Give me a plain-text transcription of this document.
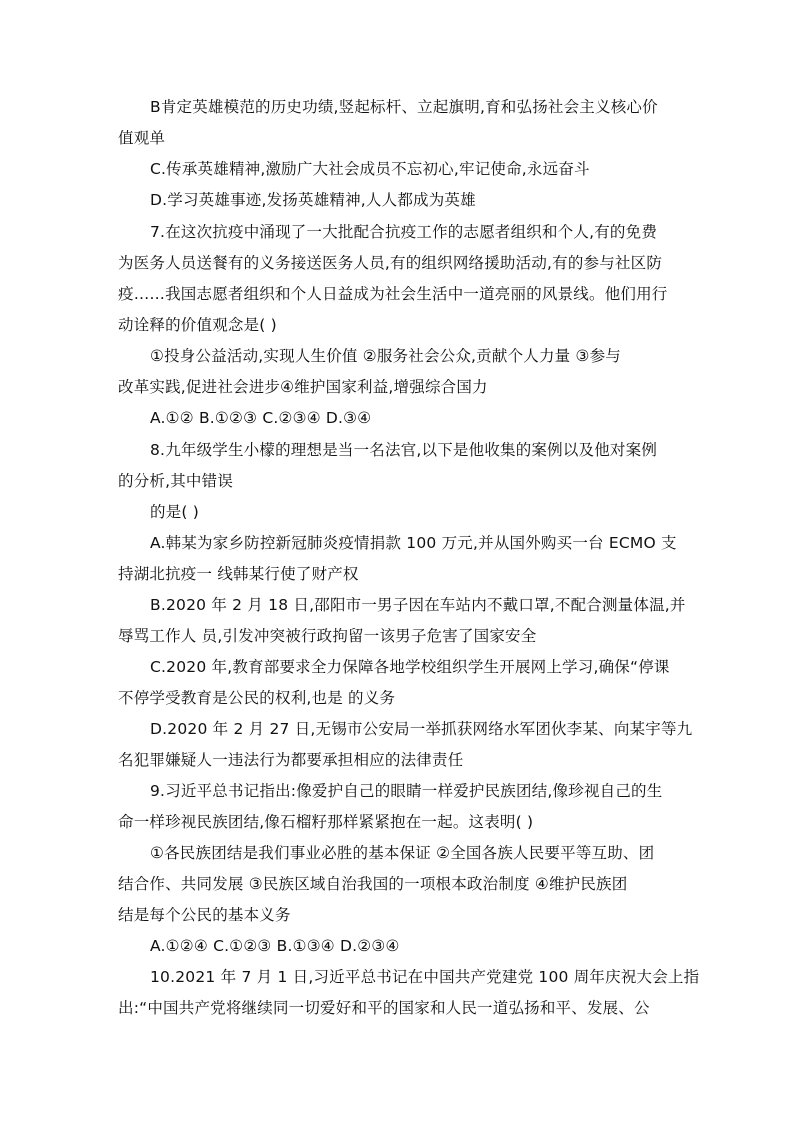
B肯定英雄模范的历史功绩,竖起标杆、立起旗明,育和弘扬社会主义核心价
值观单
C.传承英雄精神,激励广大社会成员不忘初心,牢记使命,永远奋斗
D.学习英雄事迹,发扬英雄精神,人人都成为英雄
7.在这次抗疫中涌现了一大批配合抗疫工作的志愿者组织和个人,有的免费
为医务人员送餐有的义务接送医务人员,有的组织网络援助活动,有的参与社区防
疫……我国志愿者组织和个人日益成为社会生活中一道亮丽的风景线。他们用行
动诠释的价值观念是( )
①投身公益活动,实现人生价值 ②服务社会公众,贡献个人力量 ③参与
改革实践,促进社会进步④维护国家利益,增强综合国力
A.①② B.①②③ C.②③④ D.③④
8.九年级学生小檬的理想是当一名法官,以下是他收集的案例以及他对案例
的分析,其中错误
的是( )
A.韩某为家乡防控新冠肺炎疫情捐款 100 万元,并从国外购买一台 ECMO 支
持湖北抗疫一 线韩某行使了财产权
B.2020 年 2 月 18 日,邵阳市一男子因在车站内不戴口罩,不配合测量体温,并
辱骂工作人 员,引发冲突被行政拘留一该男子危害了国家安全
C.2020 年,教育部要求全力保障各地学校组织学生开展网上学习,确保“停课
不停学受教育是公民的权利,也是 的义务
D.2020 年 2 月 27 日,无锡市公安局一举抓获网络水军团伙李某、向某宇等九
名犯罪嫌疑人一违法行为都要承担相应的法律责任
9.习近平总书记指出:像爱护自己的眼睛一样爱护民族团结,像珍视自己的生
命一样珍视民族团结,像石榴籽那样紧紧抱在一起。这表明( )
①各民族团结是我们事业必胜的基本保证 ②全国各族人民要平等互助、团
结合作、共同发展 ③民族区域自治我国的一项根本政治制度 ④维护民族团
结是每个公民的基本义务
A.①②④ C.①②③ B.①③④ D.②③④
10.2021 年 7 月 1 日,习近平总书记在中国共产党建党 100 周年庆祝大会上指
出:“中国共产党将继续同一切爱好和平的国家和人民一道弘扬和平、发展、公
